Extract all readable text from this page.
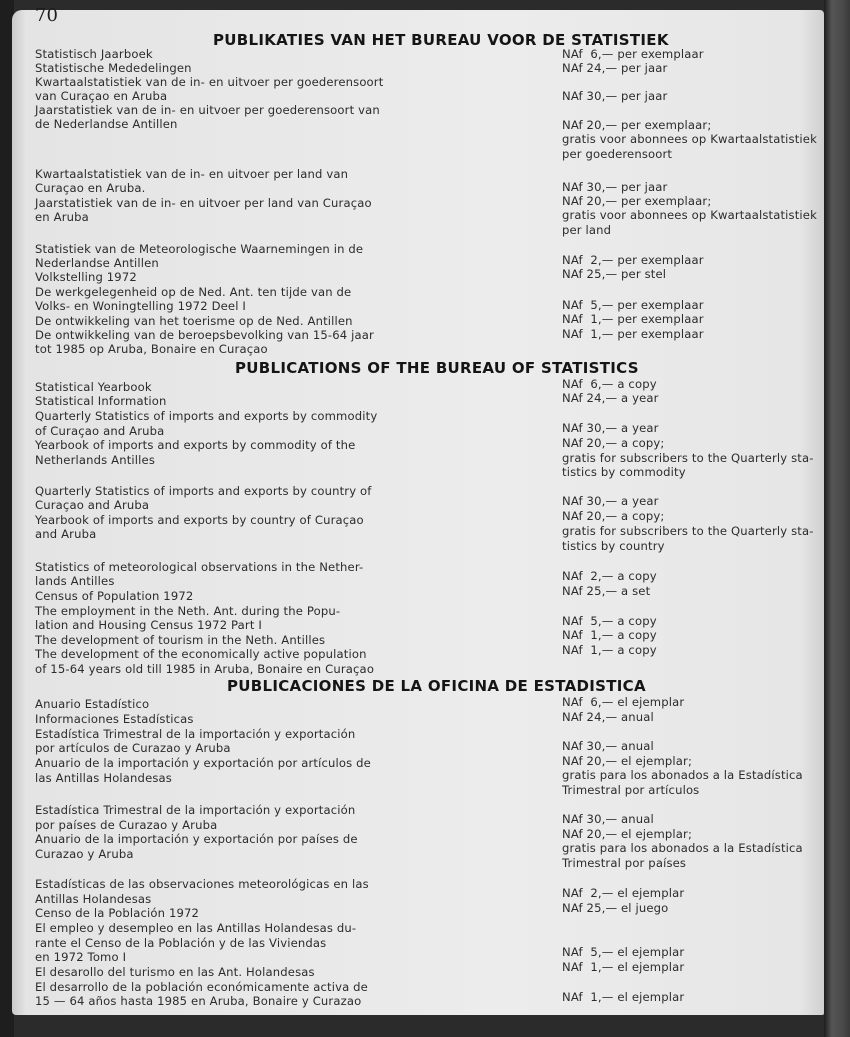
70
PUBLIKATIES VAN HET BUREAU VOOR DE STATISTIEK
Statistisch Jaarboek
Statistische Mededelingen
Kwartaalstatistiek van de in- en uitvoer per goederensoort
van Curaçao en Aruba
Jaarstatistiek van de in- en uitvoer per goederensoort van
de Nederlandse Antillen
Kwartaalstatistiek van de in- en uitvoer per land van
Curaçao en Aruba.
Jaarstatistiek van de in- en uitvoer per land van Curaçao
en Aruba
Statistiek van de Meteorologische Waarnemingen in de
Nederlandse Antillen
Volkstelling 1972
De werkgelegenheid op de Ned. Ant. ten tijde van de
Volks- en Woningtelling 1972 Deel I
De ontwikkeling van het toerisme op de Ned. Antillen
De ontwikkeling van de beroepsbevolking van 15-64 jaar
tot 1985 op Aruba, Bonaire en Curaçao
NAf  6,— per exemplaar
NAf 24,— per jaar
NAf 30,— per jaar
NAf 20,— per exemplaar;
gratis voor abonnees op Kwartaalstatistiek
per goederensoort
NAf 30,— per jaar
NAf 20,— per exemplaar;
gratis voor abonnees op Kwartaalstatistiek
per land
NAf  2,— per exemplaar
NAf 25,— per stel
NAf  5,— per exemplaar
NAf  1,— per exemplaar
NAf  1,— per exemplaar
PUBLICATIONS OF THE BUREAU OF STATISTICS
Statistical Yearbook
Statistical Information
Quarterly Statistics of imports and exports by commodity
of Curaçao and Aruba
Yearbook of imports and exports by commodity of the
Netherlands Antilles
Quarterly Statistics of imports and exports by country of
Curaçao and Aruba
Yearbook of imports and exports by country of Curaçao
and Aruba
Statistics of meteorological observations in the Nether-
lands Antilles
Census of Population 1972
The employment in the Neth. Ant. during the Popu-
lation and Housing Census 1972 Part I
The development of tourism in the Neth. Antilles
The development of the economically active population
of 15-64 years old till 1985 in Aruba, Bonaire en Curaçao
NAf  6,— a copy
NAf 24,— a year
NAf 30,— a year
NAf 20,— a copy;
gratis for subscribers to the Quarterly sta-
tistics by commodity
NAf 30,— a year
NAf 20,— a copy;
gratis for subscribers to the Quarterly sta-
tistics by country
NAf  2,— a copy
NAf 25,— a set
NAf  5,— a copy
NAf  1,— a copy
NAf  1,— a copy
PUBLICACIONES DE LA OFICINA DE ESTADISTICA
Anuario Estadístico
Informaciones Estadísticas
Estadística Trimestral de la importación y exportación
por artículos de Curazao y Aruba
Anuario de la importación y exportación por artículos de
las Antillas Holandesas
Estadística Trimestral de la importación y exportación
por países de Curazao y Aruba
Anuario de la importación y exportación por países de
Curazao y Aruba
Estadísticas de las observaciones meteorológicas en las
Antillas Holandesas
Censo de la Población 1972
El empleo y desempleo en las Antillas Holandesas du-
rante el Censo de la Población y de las Viviendas
en 1972 Tomo I
El desarollo del turismo en las Ant. Holandesas
El desarrollo de la población económicamente activa de
15 — 64 años hasta 1985 en Aruba, Bonaire y Curazao
NAf  6,— el ejemplar
NAf 24,— anual
NAf 30,— anual
NAf 20,— el ejemplar;
gratis para los abonados a la Estadística
Trimestral por artículos
NAf 30,— anual
NAf 20,— el ejemplar;
gratis para los abonados a la Estadística
Trimestral por países
NAf  2,— el ejemplar
NAf 25,— el juego
NAf  5,— el ejemplar
NAf  1,— el ejemplar
NAf  1,— el ejemplar
